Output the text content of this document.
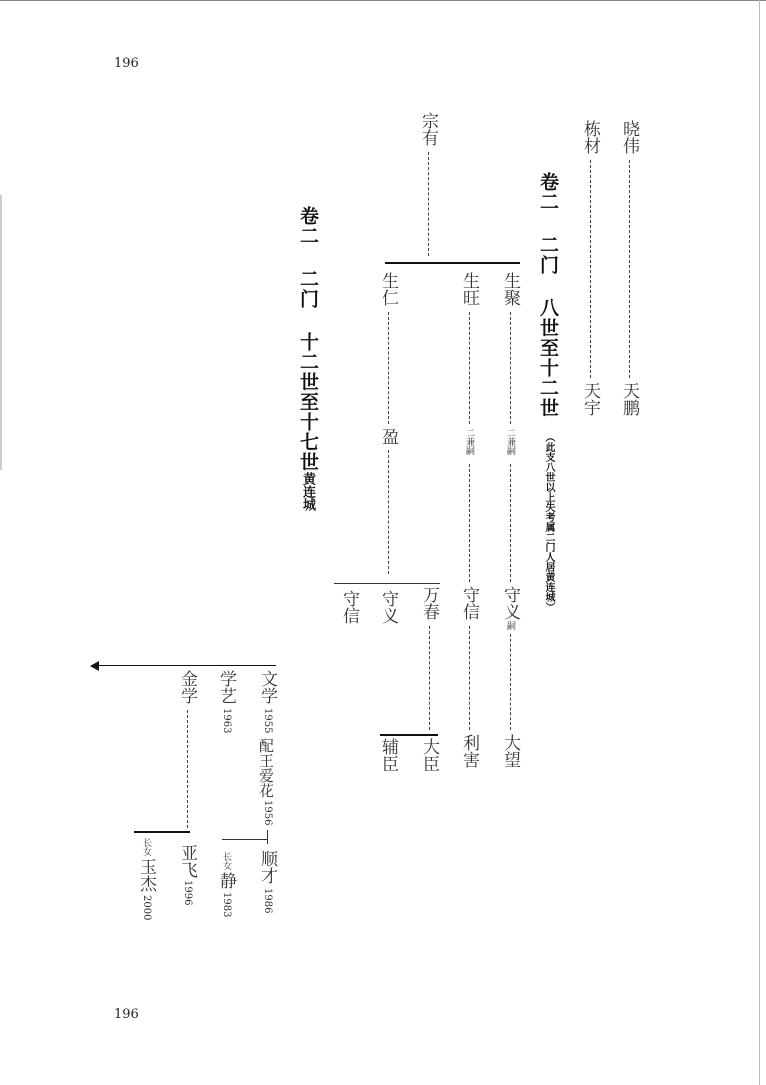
196
196
卷二 二门 八世至十二世
（此支八世以上失考属二门人居黄连城）
卷二 二门 十二世至十七世
黄连城
晓伟
天鹏
栋材
天宇
宗有
生聚
生旺
生仁
二兼嗣
守义
嗣
大望
二兼嗣
守信
利害
盈
万春
守义
守信
大臣
辅臣
文学
1955
配王爱花
1956
顺才
1986
学艺
1963
长女
静
1983
金学
亚飞
1996
长女
玉杰
2000
